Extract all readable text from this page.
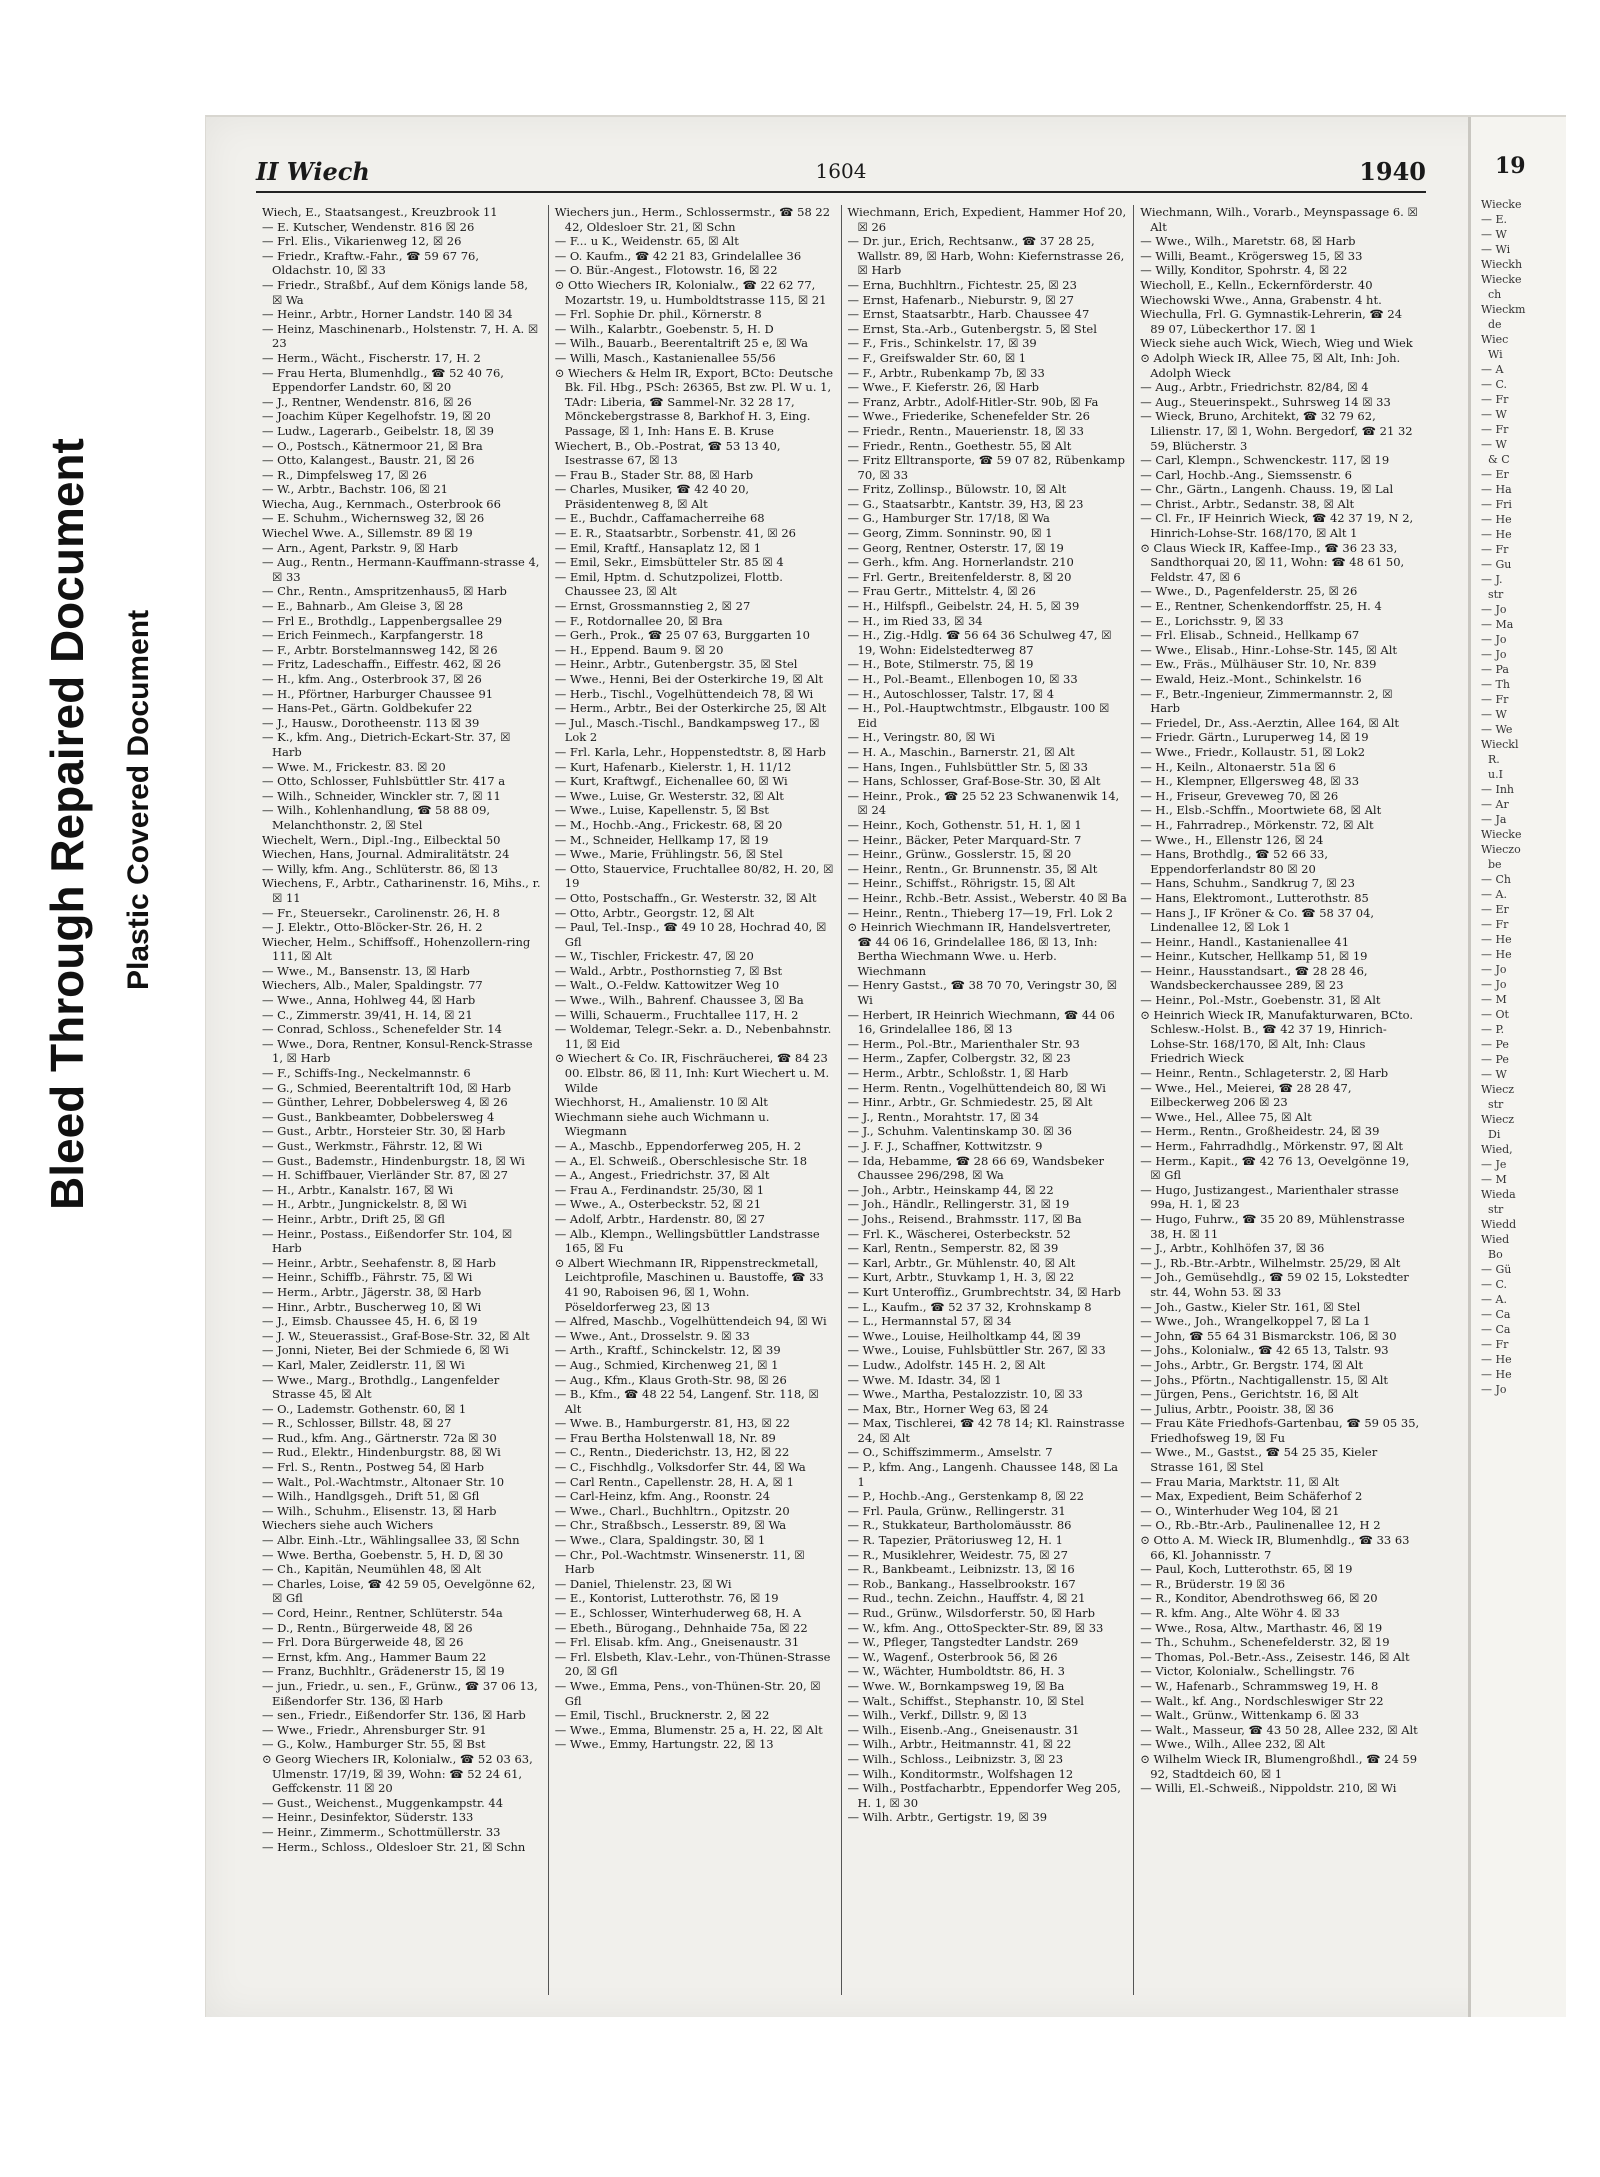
Bleed Through Repaired Document Plastic Covered Document
II Wiech	1604	1940

Wiech, E., Staatsangest., Kreuzbrook 11

— E. Kutscher, Wendenstr. 816 ☒ 26

— Frl. Elis., Vikarienweg 12, ☒ 26

— Friedr., Kraftw.-Fahr., ☎ 59 67 76, Oldachstr. 10, ☒ 33

— Friedr., Straßbf., Auf dem Königs lande 58, ☒ Wa

— Heinr., Arbtr., Horner Landstr. 140 ☒ 34

— Heinz, Maschinenarb., Holstenstr. 7, H. A. ☒ 23

— Herm., Wächt., Fischerstr. 17, H. 2

— Frau Herta, Blumenhdlg., ☎ 52 40 76, Eppendorfer Landstr. 60, ☒ 20

— J., Rentner, Wendenstr. 816, ☒ 26

— Joachim Küper Kegelhofstr. 19, ☒ 20

— Ludw., Lagerarb., Geibelstr. 18, ☒ 39

— O., Postsch., Kätnermoor 21, ☒ Bra

— Otto, Kalangest., Baustr. 21, ☒ 26

— R., Dimpfelsweg 17, ☒ 26

— W., Arbtr., Bachstr. 106, ☒ 21

Wiecha, Aug., Kernmach., Osterbrook 66

— E. Schuhm., Wichernsweg 32, ☒ 26

Wiechel Wwe. A., Sillemstr. 89 ☒ 19

— Arn., Agent, Parkstr. 9, ☒ Harb

— Aug., Rentn., Hermann-Kauffmann-strasse 4, ☒ 33

— Chr., Rentn., Amspritzenhaus5, ☒ Harb

— E., Bahnarb., Am Gleise 3, ☒ 28

— Frl E., Brothdlg., Lappenbergsallee 29

— Erich Feinmech., Karpfangerstr. 18

— F., Arbtr. Borstelmannsweg 142, ☒ 26

— Fritz, Ladeschaffn., Eiffestr. 462, ☒ 26

— H., kfm. Ang., Osterbrook 37, ☒ 26

— H., Pförtner, Harburger Chaussee 91

— Hans-Pet., Gärtn. Goldbekufer 22

— J., Hausw., Dorotheenstr. 113 ☒ 39

— K., kfm. Ang., Dietrich-Eckart-Str. 37, ☒ Harb

— Wwe. M., Frickestr. 83. ☒ 20

— Otto, Schlosser, Fuhlsbüttler Str. 417 a

— Wilh., Schneider, Winckler str. 7, ☒ 11

— Wilh., Kohlenhandlung, ☎ 58 88 09, Melanchthonstr. 2, ☒ Stel

Wiechelt, Wern., Dipl.-Ing., Eilbecktal 50

Wiechen, Hans, Journal. Admiralitätstr. 24

— Willy, kfm. Ang., Schlüterstr. 86, ☒ 13

Wiechens, F., Arbtr., Catharinenstr. 16, Mihs., r. ☒ 11

— Fr., Steuersekr., Carolinenstr. 26, H. 8

— J. Elektr., Otto-Blöcker-Str. 26, H. 2

Wiecher, Helm., Schiffsoff., Hohenzollern-ring 111, ☒ Alt

— Wwe., M., Bansenstr. 13, ☒ Harb

Wiechers, Alb., Maler, Spaldingstr. 77

— Wwe., Anna, Hohlweg 44, ☒ Harb

— C., Zimmerstr. 39/41, H. 14, ☒ 21

— Conrad, Schloss., Schenefelder Str. 14

— Wwe., Dora, Rentner, Konsul-Renck-Strasse 1, ☒ Harb

— F., Schiffs-Ing., Neckelmannstr. 6

— G., Schmied, Beerentaltrift 10d, ☒ Harb

— Günther, Lehrer, Dobbelersweg 4, ☒ 26

— Gust., Bankbeamter, Dobbelersweg 4

— Gust., Arbtr., Horsteier Str. 30, ☒ Harb

— Gust., Werkmstr., Fährstr. 12, ☒ Wi

— Gust., Bademstr., Hindenburgstr. 18, ☒ Wi

— H. Schiffbauer, Vierländer Str. 87, ☒ 27

— H., Arbtr., Kanalstr. 167, ☒ Wi

— H., Arbtr., Jungnickelstr. 8, ☒ Wi

— Heinr., Arbtr., Drift 25, ☒ Gfl

— Heinr., Postass., Eißendorfer Str. 104, ☒ Harb

— Heinr., Arbtr., Seehafenstr. 8, ☒ Harb

— Heinr., Schiffb., Fährstr. 75, ☒ Wi

— Herm., Arbtr., Jägerstr. 38, ☒ Harb

— Hinr., Arbtr., Buscherweg 10, ☒ Wi

— J., Eimsb. Chaussee 45, H. 6, ☒ 19

— J. W., Steuerassist., Graf-Bose-Str. 32, ☒ Alt

— Jonni, Nieter, Bei der Schmiede 6, ☒ Wi

— Karl, Maler, Zeidlerstr. 11, ☒ Wi

— Wwe., Marg., Brothdlg., Langenfelder Strasse 45, ☒ Alt

— O., Lademstr. Gothenstr. 60, ☒ 1

— R., Schlosser, Billstr. 48, ☒ 27

— Rud., kfm. Ang., Gärtnerstr. 72a ☒ 30

— Rud., Elektr., Hindenburgstr. 88, ☒ Wi

— Frl. S., Rentn., Postweg 54, ☒ Harb

— Walt., Pol.-Wachtmstr., Altonaer Str. 10

— Wilh., Handlgsgeh., Drift 51, ☒ Gfl

— Wilh., Schuhm., Elisenstr. 13, ☒ Harb

Wiechers siehe auch Wichers

— Albr. Einh.-Ltr., Wählingsallee 33, ☒ Schn

— Wwe. Bertha, Goebenstr. 5, H. D, ☒ 30

— Ch., Kapitän, Neumühlen 48, ☒ Alt

— Charles, Loise, ☎ 42 59 05, Oevelgönne 62, ☒ Gfl

— Cord, Heinr., Rentner, Schlüterstr. 54a

— D., Rentn., Bürgerweide 48, ☒ 26

— Frl. Dora Bürgerweide 48, ☒ 26

— Ernst, kfm. Ang., Hammer Baum 22

— Franz, Buchhltr., Grädenerstr 15, ☒ 19

— jun., Friedr., u. sen., F., Grünw., ☎ 37 06 13, Eißendorfer Str. 136, ☒ Harb

— sen., Friedr., Eißendorfer Str. 136, ☒ Harb

— Wwe., Friedr., Ahrensburger Str. 91

— G., Kolw., Hamburger Str. 55, ☒ Bst

⊙ Georg Wiechers IR, Kolonialw., ☎ 52 03 63, Ulmenstr. 17/19, ☒ 39, Wohn: ☎ 52 24 61, Geffckenstr. 11 ☒ 20

— Gust., Weichenst., Muggenkampstr. 44

— Heinr., Desinfektor, Süderstr. 133

— Heinr., Zimmerm., Schottmüllerstr. 33

— Herm., Schloss., Oldesloer Str. 21, ☒ Schn

Wiechers jun., Herm., Schlossermstr., ☎ 58 22 42, Oldesloer Str. 21, ☒ Schn

— F... u K., Weidenstr. 65, ☒ Alt

— O. Kaufm., ☎ 42 21 83, Grindelallee 36

— O. Bür.-Angest., Flotowstr. 16, ☒ 22

⊙ Otto Wiechers IR, Kolonialw., ☎ 22 62 77, Mozartstr. 19, u. Humboldtstrasse 115, ☒ 21

— Frl. Sophie Dr. phil., Körnerstr. 8

— Wilh., Kalarbtr., Goebenstr. 5, H. D

— Wilh., Bauarb., Beerentaltrift 25 e, ☒ Wa

— Willi, Masch., Kastanienallee 55/56

⊙ Wiechers & Helm IR, Export, BCto: Deutsche Bk. Fil. Hbg., PSch: 26365, Bst zw. Pl. W u. 1, TAdr: Liberia, ☎ Sammel-Nr. 32 28 17, Mönckebergstrasse 8, Barkhof H. 3, Eing. Passage, ☒ 1, Inh: Hans E. B. Kruse

Wiechert, B., Ob.-Postrat, ☎ 53 13 40, Isestrasse 67, ☒ 13

— Frau B., Stader Str. 88, ☒ Harb

— Charles, Musiker, ☎ 42 40 20, Präsidentenweg 8, ☒ Alt

— E., Buchdr., Caffamacherreihe 68

— E. R., Staatsarbtr., Sorbenstr. 41, ☒ 26

— Emil, Kraftf., Hansaplatz 12, ☒ 1

— Emil, Sekr., Eimsbütteler Str. 85 ☒ 4

— Emil, Hptm. d. Schutzpolizei, Flottb. Chaussee 23, ☒ Alt

— Ernst, Grossmannstieg 2, ☒ 27

— F., Rotdornallee 20, ☒ Bra

— Gerh., Prok., ☎ 25 07 63, Burggarten 10

— H., Eppend. Baum 9. ☒ 20

— Heinr., Arbtr., Gutenbergstr. 35, ☒ Stel

— Wwe., Henni, Bei der Osterkirche 19, ☒ Alt

— Herb., Tischl., Vogelhüttendeich 78, ☒ Wi

— Herm., Arbtr., Bei der Osterkirche 25, ☒ Alt

— Jul., Masch.-Tischl., Bandkampsweg 17., ☒ Lok 2

— Frl. Karla, Lehr., Hoppenstedtstr. 8, ☒ Harb

— Kurt, Hafenarb., Kielerstr. 1, H. 11/12

— Kurt, Kraftwgf., Eichenallee 60, ☒ Wi

— Wwe., Luise, Gr. Westerstr. 32, ☒ Alt

— Wwe., Luise, Kapellenstr. 5, ☒ Bst

— M., Hochb.-Ang., Frickestr. 68, ☒ 20

— M., Schneider, Hellkamp 17, ☒ 19

— Wwe., Marie, Frühlingstr. 56, ☒ Stel

— Otto, Stauervice, Fruchtallee 80/82, H. 20, ☒ 19

— Otto, Postschaffn., Gr. Westerstr. 32, ☒ Alt

— Otto, Arbtr., Georgstr. 12, ☒ Alt

— Paul, Tel.-Insp., ☎ 49 10 28, Hochrad 40, ☒ Gfl

— W., Tischler, Frickestr. 47, ☒ 20

— Wald., Arbtr., Posthornstieg 7, ☒ Bst

— Walt., O.-Feldw. Kattowitzer Weg 10

— Wwe., Wilh., Bahrenf. Chaussee 3, ☒ Ba

— Willi, Schauerm., Fruchtallee 117, H. 2

— Woldemar, Telegr.-Sekr. a. D., Nebenbahnstr. 11, ☒ Eid

⊙ Wiechert & Co. IR, Fischräucherei, ☎ 84 23 00. Elbstr. 86, ☒ 11, Inh: Kurt Wiechert u. M. Wilde

Wiechhorst, H., Amalienstr. 10 ☒ Alt

Wiechmann siehe auch Wichmann u. Wiegmann

— A., Maschb., Eppendorferweg 205, H. 2

— A., El. Schweiß., Oberschlesische Str. 18

— A., Angest., Friedrichstr. 37, ☒ Alt

— Frau A., Ferdinandstr. 25/30, ☒ 1

— Wwe., A., Osterbeckstr. 52, ☒ 21

— Adolf, Arbtr., Hardenstr. 80, ☒ 27

— Alb., Klempn., Wellingsbüttler Landstrasse 165, ☒ Fu

⊙ Albert Wiechmann IR, Rippenstreckmetall, Leichtprofile, Maschinen u. Baustoffe, ☎ 33 41 90, Raboisen 96, ☒ 1, Wohn. Pöseldorferweg 23, ☒ 13

— Alfred, Maschb., Vogelhüttendeich 94, ☒ Wi

— Wwe., Ant., Drosselstr. 9. ☒ 33

— Arth., Kraftf., Schinckelstr. 12, ☒ 39

— Aug., Schmied, Kirchenweg 21, ☒ 1

— Aug., Kfm., Klaus Groth-Str. 98, ☒ 26

— B., Kfm., ☎ 48 22 54, Langenf. Str. 118, ☒ Alt

— Wwe. B., Hamburgerstr. 81, H3, ☒ 22

— Frau Bertha Holstenwall 18, Nr. 89

— C., Rentn., Diederichstr. 13, H2, ☒ 22

— C., Fischhdlg., Volksdorfer Str. 44, ☒ Wa

— Carl Rentn., Capellenstr. 28, H. A, ☒ 1

— Carl-Heinz, kfm. Ang., Roonstr. 24

— Wwe., Charl., Buchhltrn., Opitzstr. 20

— Chr., Straßbsch., Lesserstr. 89, ☒ Wa

— Wwe., Clara, Spaldingstr. 30, ☒ 1

— Chr., Pol.-Wachtmstr. Winsenerstr. 11, ☒ Harb

— Daniel, Thielenstr. 23, ☒ Wi

— E., Kontorist, Lutterothstr. 76, ☒ 19

— E., Schlosser, Winterhuderweg 68, H. A

— Ebeth., Bürogang., Dehnhaide 75a, ☒ 22

— Frl. Elisab. kfm. Ang., Gneisenaustr. 31

— Frl. Elsbeth, Klav.-Lehr., von-Thünen-Strasse 20, ☒ Gfl

— Wwe., Emma, Pens., von-Thünen-Str. 20, ☒ Gfl

— Emil, Tischl., Brucknerstr. 2, ☒ 22

— Wwe., Emma, Blumenstr. 25 a, H. 22, ☒ Alt

— Wwe., Emmy, Hartungstr. 22, ☒ 13

Wiechmann, Erich, Expedient, Hammer Hof 20, ☒ 26

— Dr. jur., Erich, Rechtsanw., ☎ 37 28 25, Wallstr. 89, ☒ Harb, Wohn: Kiefernstrasse 26, ☒ Harb

— Erna, Buchhltrn., Fichtestr. 25, ☒ 23

— Ernst, Hafenarb., Nieburstr. 9, ☒ 27

— Ernst, Staatsarbtr., Harb. Chaussee 47

— Ernst, Sta.-Arb., Gutenbergstr. 5, ☒ Stel

— F., Fris., Schinkelstr. 17, ☒ 39

— F., Greifswalder Str. 60, ☒ 1

— F., Arbtr., Rubenkamp 7b, ☒ 33

— Wwe., F. Kieferstr. 26, ☒ Harb

— Franz, Arbtr., Adolf-Hitler-Str. 90b, ☒ Fa

— Wwe., Friederike, Schenefelder Str. 26

— Friedr., Rentn., Mauerienstr. 18, ☒ 33

— Friedr., Rentn., Goethestr. 55, ☒ Alt

— Fritz Elltransporte, ☎ 59 07 82, Rübenkamp 70, ☒ 33

— Fritz, Zollinsp., Bülowstr. 10, ☒ Alt

— G., Staatsarbtr., Kantstr. 39, H3, ☒ 23

— G., Hamburger Str. 17/18, ☒ Wa

— Georg, Zimm. Sonninstr. 90, ☒ 1

— Georg, Rentner, Osterstr. 17, ☒ 19

— Gerh., kfm. Ang. Hornerlandstr. 210

— Frl. Gertr., Breitenfelderstr. 8, ☒ 20

— Frau Gertr., Mittelstr. 4, ☒ 26

— H., Hilfspfl., Geibelstr. 24, H. 5, ☒ 39

— H., im Ried 33, ☒ 34

— H., Zig.-Hdlg. ☎ 56 64 36 Schulweg 47, ☒ 19, Wohn: Eidelstedterweg 87

— H., Bote, Stilmerstr. 75, ☒ 19

— H., Pol.-Beamt., Ellenbogen 10, ☒ 33

— H., Autoschlosser, Talstr. 17, ☒ 4

— H., Pol.-Hauptwchtmstr., Elbgaustr. 100 ☒ Eid

— H., Veringstr. 80, ☒ Wi

— H. A., Maschin., Barnerstr. 21, ☒ Alt

— Hans, Ingen., Fuhlsbüttler Str. 5, ☒ 33

— Hans, Schlosser, Graf-Bose-Str. 30, ☒ Alt

— Heinr., Prok., ☎ 25 52 23 Schwanenwik 14, ☒ 24

— Heinr., Koch, Gothenstr. 51, H. 1, ☒ 1

— Heinr., Bäcker, Peter Marquard-Str. 7

— Heinr., Grünw., Gosslerstr. 15, ☒ 20

— Heinr., Rentn., Gr. Brunnenstr. 35, ☒ Alt

— Heinr., Schiffst., Röhrigstr. 15, ☒ Alt

— Heinr., Rchb.-Betr. Assist., Weberstr. 40 ☒ Ba

— Heinr., Rentn., Thieberg 17—19, Frl. Lok 2

⊙ Heinrich Wiechmann IR, Handelsvertreter, ☎ 44 06 16, Grindelallee 186, ☒ 13, Inh: Bertha Wiechmann Wwe. u. Herb. Wiechmann

— Henry Gastst., ☎ 38 70 70, Veringstr 30, ☒ Wi

— Herbert, IR Heinrich Wiechmann, ☎ 44 06 16, Grindelallee 186, ☒ 13

— Herm., Pol.-Btr., Marienthaler Str. 93

— Herm., Zapfer, Colbergstr. 32, ☒ 23

— Herm., Arbtr., Schloßstr. 1, ☒ Harb

— Herm. Rentn., Vogelhüttendeich 80, ☒ Wi

— Hinr., Arbtr., Gr. Schmiedestr. 25, ☒ Alt

— J., Rentn., Morahtstr. 17, ☒ 34

— J., Schuhm. Valentinskamp 30. ☒ 36

— J. F. J., Schaffner, Kottwitzstr. 9

— Ida, Hebamme, ☎ 28 66 69, Wandsbeker Chaussee 296/298, ☒ Wa

— Joh., Arbtr., Heinskamp 44, ☒ 22

— Joh., Händlr., Rellingerstr. 31, ☒ 19

— Johs., Reisend., Brahmsstr. 117, ☒ Ba

— Frl. K., Wäscherei, Osterbeckstr. 52

— Karl, Rentn., Semperstr. 82, ☒ 39

— Karl, Arbtr., Gr. Mühlenstr. 40, ☒ Alt

— Kurt, Arbtr., Stuvkamp 1, H. 3, ☒ 22

— Kurt Unteroffiz., Grumbrechtstr. 34, ☒ Harb

— L., Kaufm., ☎ 52 37 32, Krohnskamp 8

— L., Hermannstal 57, ☒ 34

— Wwe., Louise, Heilholtkamp 44, ☒ 39

— Wwe., Louise, Fuhlsbüttler Str. 267, ☒ 33

— Ludw., Adolfstr. 145 H. 2, ☒ Alt

— Wwe. M. Idastr. 34, ☒ 1

— Wwe., Martha, Pestalozzistr. 10, ☒ 33

— Max, Btr., Horner Weg 63, ☒ 24

— Max, Tischlerei, ☎ 42 78 14; Kl. Rainstrasse 24, ☒ Alt

— O., Schiffszimmerm., Amselstr. 7

— P., kfm. Ang., Langenh. Chaussee 148, ☒ La 1

— P., Hochb.-Ang., Gerstenkamp 8, ☒ 22

— Frl. Paula, Grünw., Rellingerstr. 31

— R., Stukkateur, Bartholomäusstr. 86

— R. Tapezier, Prätoriusweg 12, H. 1

— R., Musiklehrer, Weidestr. 75, ☒ 27

— R., Bankbeamt., Leibnizstr. 13, ☒ 16

— Rob., Bankang., Hasselbrookstr. 167

— Rud., techn. Zeichn., Hauffstr. 4, ☒ 21

— Rud., Grünw., Wilsdorferstr. 50, ☒ Harb

— W., kfm. Ang., OttoSpeckter-Str. 89, ☒ 33

— W., Pfleger, Tangstedter Landstr. 269

— W., Wagenf., Osterbrook 56, ☒ 26

— W., Wächter, Humboldtstr. 86, H. 3

— Wwe. W., Bornkampsweg 19, ☒ Ba

— Walt., Schiffst., Stephanstr. 10, ☒ Stel

— Wilh., Verkf., Dillstr. 9, ☒ 13

— Wilh., Eisenb.-Ang., Gneisenaustr. 31

— Wilh., Arbtr., Heitmannstr. 41, ☒ 22

— Wilh., Schloss., Leibnizstr. 3, ☒ 23

— Wilh., Konditormstr., Wolfshagen 12

— Wilh., Postfacharbtr., Eppendorfer Weg 205, H. 1, ☒ 30

— Wilh. Arbtr., Gertigstr. 19, ☒ 39

Wiechmann, Wilh., Vorarb., Meynspassage 6. ☒ Alt

— Wwe., Wilh., Maretstr. 68, ☒ Harb

— Willi, Beamt., Krögersweg 15, ☒ 33

— Willy, Konditor, Spohrstr. 4, ☒ 22

Wiecholl, E., Kelln., Eckernförderstr. 40

Wiechowski Wwe., Anna, Grabenstr. 4 ht.

Wiechulla, Frl. G. Gymnastik-Lehrerin, ☎ 24 89 07, Lübeckerthor 17. ☒ 1

Wieck siehe auch Wick, Wiech, Wieg und Wiek

⊙ Adolph Wieck IR, Allee 75, ☒ Alt, Inh: Joh. Adolph Wieck

— Aug., Arbtr., Friedrichstr. 82/84, ☒ 4

— Aug., Steuerinspekt., Suhrsweg 14 ☒ 33

— Wieck, Bruno, Architekt, ☎ 32 79 62, Lilienstr. 17, ☒ 1, Wohn. Bergedorf, ☎ 21 32 59, Blücherstr. 3

— Carl, Klempn., Schwenckestr. 117, ☒ 19

— Carl, Hochb.-Ang., Siemssenstr. 6

— Chr., Gärtn., Langenh. Chauss. 19, ☒ Lal

— Christ., Arbtr., Sedanstr. 38, ☒ Alt

— Cl. Fr., IF Heinrich Wieck, ☎ 42 37 19, N 2, Hinrich-Lohse-Str. 168/170, ☒ Alt 1

⊙ Claus Wieck IR, Kaffee-Imp., ☎ 36 23 33, Sandthorquai 20, ☒ 11, Wohn: ☎ 48 61 50, Feldstr. 47, ☒ 6

— Wwe., D., Pagenfelderstr. 25, ☒ 26

— E., Rentner, Schenkendorffstr. 25, H. 4

— E., Lorichsstr. 9, ☒ 33

— Frl. Elisab., Schneid., Hellkamp 67

— Wwe., Elisab., Hinr.-Lohse-Str. 145, ☒ Alt

— Ew., Fräs., Mülhäuser Str. 10, Nr. 839

— Ewald, Heiz.-Mont., Schinkelstr. 16

— F., Betr.-Ingenieur, Zimmermannstr. 2, ☒ Harb

— Friedel, Dr., Ass.-Aerztin, Allee 164, ☒ Alt

— Friedr. Gärtn., Luruperweg 14, ☒ 19

— Wwe., Friedr., Kollaustr. 51, ☒ Lok2

— H., Keiln., Altonaerstr. 51a ☒ 6

— H., Klempner, Ellgersweg 48, ☒ 33

— H., Friseur, Greveweg 70, ☒ 26

— H., Elsb.-Schffn., Moortwiete 68, ☒ Alt

— H., Fahrradrep., Mörkenstr. 72, ☒ Alt

— Wwe., H., Ellenstr 126, ☒ 24

— Hans, Brothdlg., ☎ 52 66 33, Eppendorferlandstr 80 ☒ 20

— Hans, Schuhm., Sandkrug 7, ☒ 23

— Hans, Elektromont., Lutterothstr. 85

— Hans J., IF Kröner & Co. ☎ 58 37 04, Lindenallee 12, ☒ Lok 1

— Heinr., Handl., Kastanienallee 41

— Heinr., Kutscher, Hellkamp 51, ☒ 19

— Heinr., Hausstandsart., ☎ 28 28 46, Wandsbeckerchaussee 289, ☒ 23

— Heinr., Pol.-Mstr., Goebenstr. 31, ☒ Alt

⊙ Heinrich Wieck IR, Manufakturwaren, BCto. Schlesw.-Holst. B., ☎ 42 37 19, Hinrich-Lohse-Str. 168/170, ☒ Alt, Inh: Claus Friedrich Wieck

— Heinr., Rentn., Schlageterstr. 2, ☒ Harb

— Wwe., Hel., Meierei, ☎ 28 28 47, Eilbeckerweg 206 ☒ 23

— Wwe., Hel., Allee 75, ☒ Alt

— Herm., Rentn., Großheidestr. 24, ☒ 39

— Herm., Fahrradhdlg., Mörkenstr. 97, ☒ Alt

— Herm., Kapit., ☎ 42 76 13, Oevelgönne 19, ☒ Gfl

— Hugo, Justizangest., Marienthaler strasse 99a, H. 1, ☒ 23

— Hugo, Fuhrw., ☎ 35 20 89, Mühlenstrasse 38, H. ☒ 11

— J., Arbtr., Kohlhöfen 37, ☒ 36

— J., Rb.-Btr.-Arbtr., Wilhelmstr. 25/29, ☒ Alt

— Joh., Gemüsehdlg., ☎ 59 02 15, Lokstedter str. 44, Wohn 53. ☒ 33

— Joh., Gastw., Kieler Str. 161, ☒ Stel

— Wwe., Joh., Wrangelkoppel 7, ☒ La 1

— John, ☎ 55 64 31 Bismarckstr. 106, ☒ 30

— Johs., Kolonialw., ☎ 42 65 13, Talstr. 93

— Johs., Arbtr., Gr. Bergstr. 174, ☒ Alt

— Johs., Pförtn., Nachtigallenstr. 15, ☒ Alt

— Jürgen, Pens., Gerichtstr. 16, ☒ Alt

— Julius, Arbtr., Pooistr. 38, ☒ 36

— Frau Käte Friedhofs-Gartenbau, ☎ 59 05 35, Friedhofsweg 19, ☒ Fu

— Wwe., M., Gastst., ☎ 54 25 35, Kieler Strasse 161, ☒ Stel

— Frau Maria, Marktstr. 11, ☒ Alt

— Max, Expedient, Beim Schäferhof 2

— O., Winterhuder Weg 104, ☒ 21

— O., Rb.-Btr.-Arb., Paulinenallee 12, H 2

⊙ Otto A. M. Wieck IR, Blumenhdlg., ☎ 33 63 66, Kl. Johannisstr. 7

— Paul, Koch, Lutterothstr. 65, ☒ 19

— R., Brüderstr. 19 ☒ 36

— R., Konditor, Abendrothsweg 66, ☒ 20

— R. kfm. Ang., Alte Wöhr 4. ☒ 33

— Wwe., Rosa, Altw., Marthastr. 46, ☒ 19

— Th., Schuhm., Schenefelderstr. 32, ☒ 19

— Thomas, Pol.-Betr.-Ass., Zeisestr. 146, ☒ Alt

— Victor, Kolonialw., Schellingstr. 76

— W., Hafenarb., Schrammsweg 19, H. 8

— Walt., kf. Ang., Nordschleswiger Str 22

— Walt., Grünw., Wittenkamp 6. ☒ 33

— Walt., Masseur, ☎ 43 50 28, Allee 232, ☒ Alt

— Wwe., Wilh., Allee 232, ☒ Alt

⊙ Wilhelm Wieck IR, Blumengroßhdl., ☎ 24 59 92, Stadtdeich 60, ☒ 1

— Willi, El.-Schweiß., Nippoldstr. 210, ☒ Wi

19
Wiecke
— E.
— W
— Wi
Wieckh
Wiecke
ch
Wieckm
de
Wiec
Wi
— A
— C.
— Fr
— W
— Fr
— W
& C
— Er
— Ha
— Fri
— He
— He
— Fr
— Gu
— J.
str
— Jo
— Ma
— Jo
— Jo
— Pa
— Th
— Fr
— W
— We
Wieckl
R.
u.I
— Inh
— Ar
— Ja
Wiecke
Wieczo
be
— Ch
— A.
— Er
— Fr
— He
— He
— Jo
— Jo
— M
— Ot
— P.
— Pe
— Pe
— W
Wiecz
str
Wiecz
Di
Wied,
— Je
— M
Wieda
str
Wiedd
Wied
Bo
— Gü
— C.
— A.
— Ca
— Ca
— Fr
— He
— He
— Jo
